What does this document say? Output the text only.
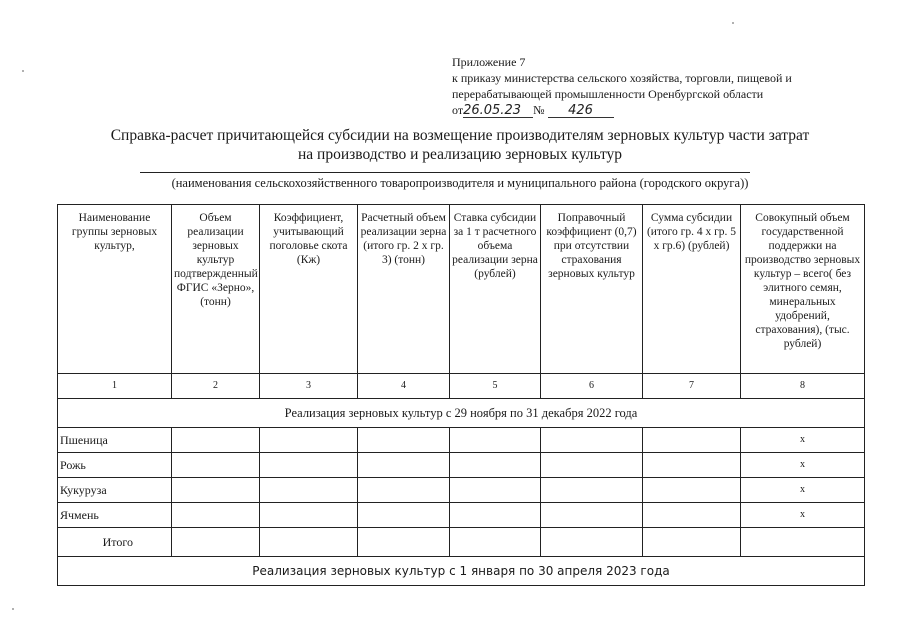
Приложение 7
к приказу министерства сельского хозяйства, торговли, пищевой и
перерабатывающей промышленности Оренбургской области
от26.05.23 № 426
Справка-расчет причитающейся субсидии на возмещение производителям зерновых культур части затрат
на производство и реализацию зерновых культур
(наименования сельскохозяйственного товаропроизводителя и муниципального района (городского округа))
Наименование группы зерновых культур,	Объем реализации зерновых культур подтвержденный ФГИС «Зерно», (тонн)	Коэффициент, учитывающий поголовье скота (Кж)	Расчетный объем реализации зерна (итого гр. 2 х гр. 3) (тонн)	Ставка субсидии за 1 т расчетного объема реализации зерна (рублей)	Поправочный коэффициент (0,7) при отсутствии страхования зерновых культур	Сумма субсидии (итого гр. 4 х гр. 5 х гр.6) (рублей)	Совокупный объем государственной поддержки на производство зерновых культур – всего( без элитного семян, минеральных удобрений, страхования), (тыс. рублей)
1	2	3	4	5	6	7	8
Реализация зерновых культур с 29 ноября по 31 декабря 2022 года							
Пшеница							x
Рожь							x
Кукуруза							x
Ячмень							x
Итого							
Реализация зерновых культур с 1 января по 30 апреля 2023 года							
